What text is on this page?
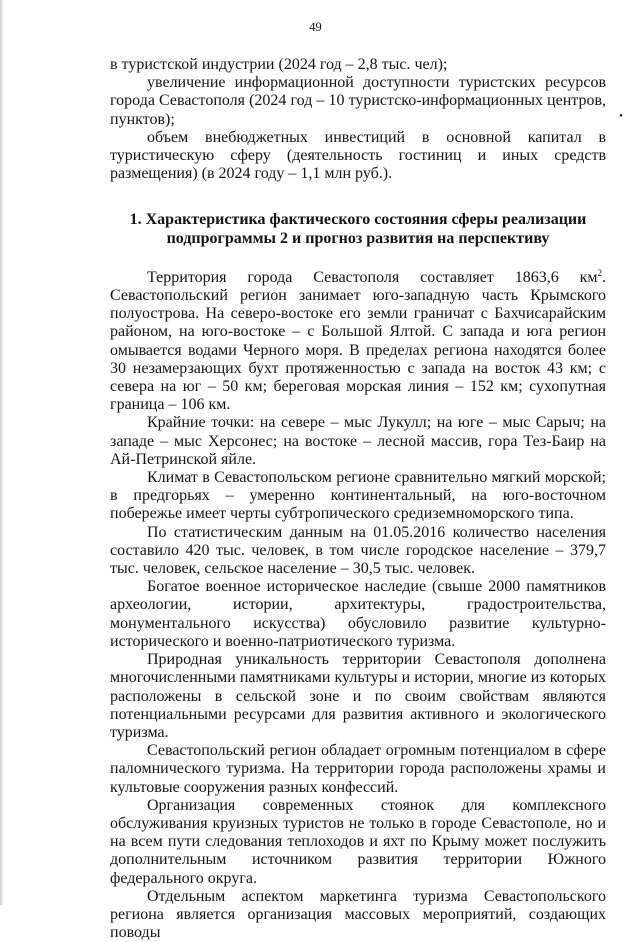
49
•

в туристской индустрии (2024 год – 2,8 тыс. чел);

увеличение информационной доступности туристских ресурсов города Севастополя (2024 год – 10 туристско-информационных центров, пунктов);

объем внебюджетных инвестиций в основной капитал в туристическую сферу (деятельность гостиниц и иных средств размещения) (в 2024 году – 1,1 млн руб.).

1. Характеристика фактического состояния сферы реализации
подпрограммы 2 и прогноз развития на перспективу

Территория города Севастополя составляет 1863,6 $км^2$. Севастопольский регион занимает юго-западную часть Крымского полуострова. На северо-востоке его земли граничат с Бахчисарайским районом, на юго-востоке – с Большой Ялтой. С запада и юга регион омывается водами Черного моря. В пределах региона находятся более 30 незамерзающих бухт протяженностью с запада на восток 43 км; с севера на юг – 50 км; береговая морская линия – 152 км; сухопутная граница – 106 км.

Крайние точки: на севере – мыс Лукулл; на юге – мыс Сарыч; на западе – мыс Херсонес; на востоке – лесной массив, гора Тез-Баир на Ай-Петринской яйле.

Климат в Севастопольском регионе сравнительно мягкий морской; в предгорьях – умеренно континентальный, на юго-восточном побережье имеет черты субтропического средиземноморского типа.

По статистическим данным на 01.05.2016 количество населения составило 420 тыс. человек, в том числе городское население – 379,7 тыс. человек, сельское население – 30,5 тыс. человек.

Богатое военное историческое наследие (свыше 2000 памятников археологии, истории, архитектуры, градостроительства, монументального искусства) обусловило развитие культурно-исторического и военно-патриотического туризма.

Природная уникальность территории Севастополя дополнена многочисленными памятниками культуры и истории, многие из которых расположены в сельской зоне и по своим свойствам являются потенциальными ресурсами для развития активного и экологического туризма.

Севастопольский регион обладает огромным потенциалом в сфере паломнического туризма. На территории города расположены храмы и культовые сооружения разных конфессий.

Организация современных стоянок для комплексного обслуживания круизных туристов не только в городе Севастополе, но и на всем пути следования теплоходов и яхт по Крыму может послужить дополнительным источником развития территории Южного федерального округа.

Отдельным аспектом маркетинга туризма Севастопольского региона является организация массовых мероприятий, создающих поводы
